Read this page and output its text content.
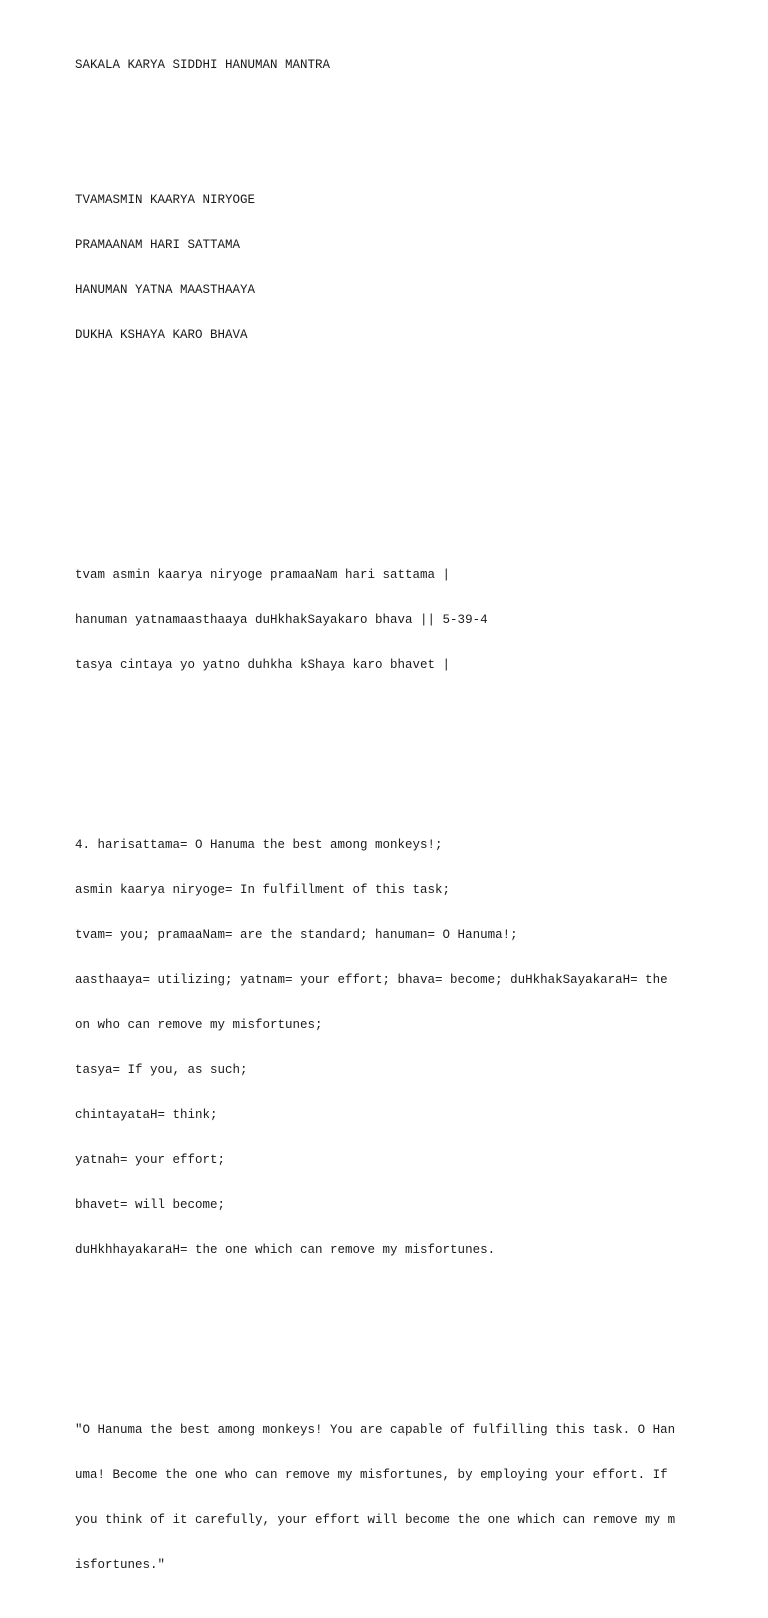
SAKALA KARYA SIDDHI HANUMAN MANTRA

TVAMASMIN KAARYA NIRYOGE

PRAMAANAM HARI SATTAMA

HANUMAN YATNA MAASTHAAYA

DUKHA KSHAYA KARO BHAVA

tvam asmin kaarya niryoge pramaaNam hari sattama |

hanuman yatnamaasthaaya duHkhakSayakaro bhava || 5-39-4

tasya cintaya yo yatno duhkha kShaya karo bhavet |

4. harisattama= O Hanuma the best among monkeys!;

asmin kaarya niryoge= In fulfillment of this task;

tvam= you; pramaaNam= are the standard; hanuman= O Hanuma!;

aasthaaya= utilizing; yatnam= your effort; bhava= become; duHkhakSayakaraH= the

on who can remove my misfortunes;

tasya= If you, as such;

chintayataH= think;

yatnah= your effort;

bhavet= will become;

duHkhhayakaraH= the one which can remove my misfortunes.

"O Hanuma the best among monkeys! You are capable of fulfilling this task. O Han

uma! Become the one who can remove my misfortunes, by employing your effort. If

you think of it carefully, your effort will become the one which can remove my m

isfortunes."
